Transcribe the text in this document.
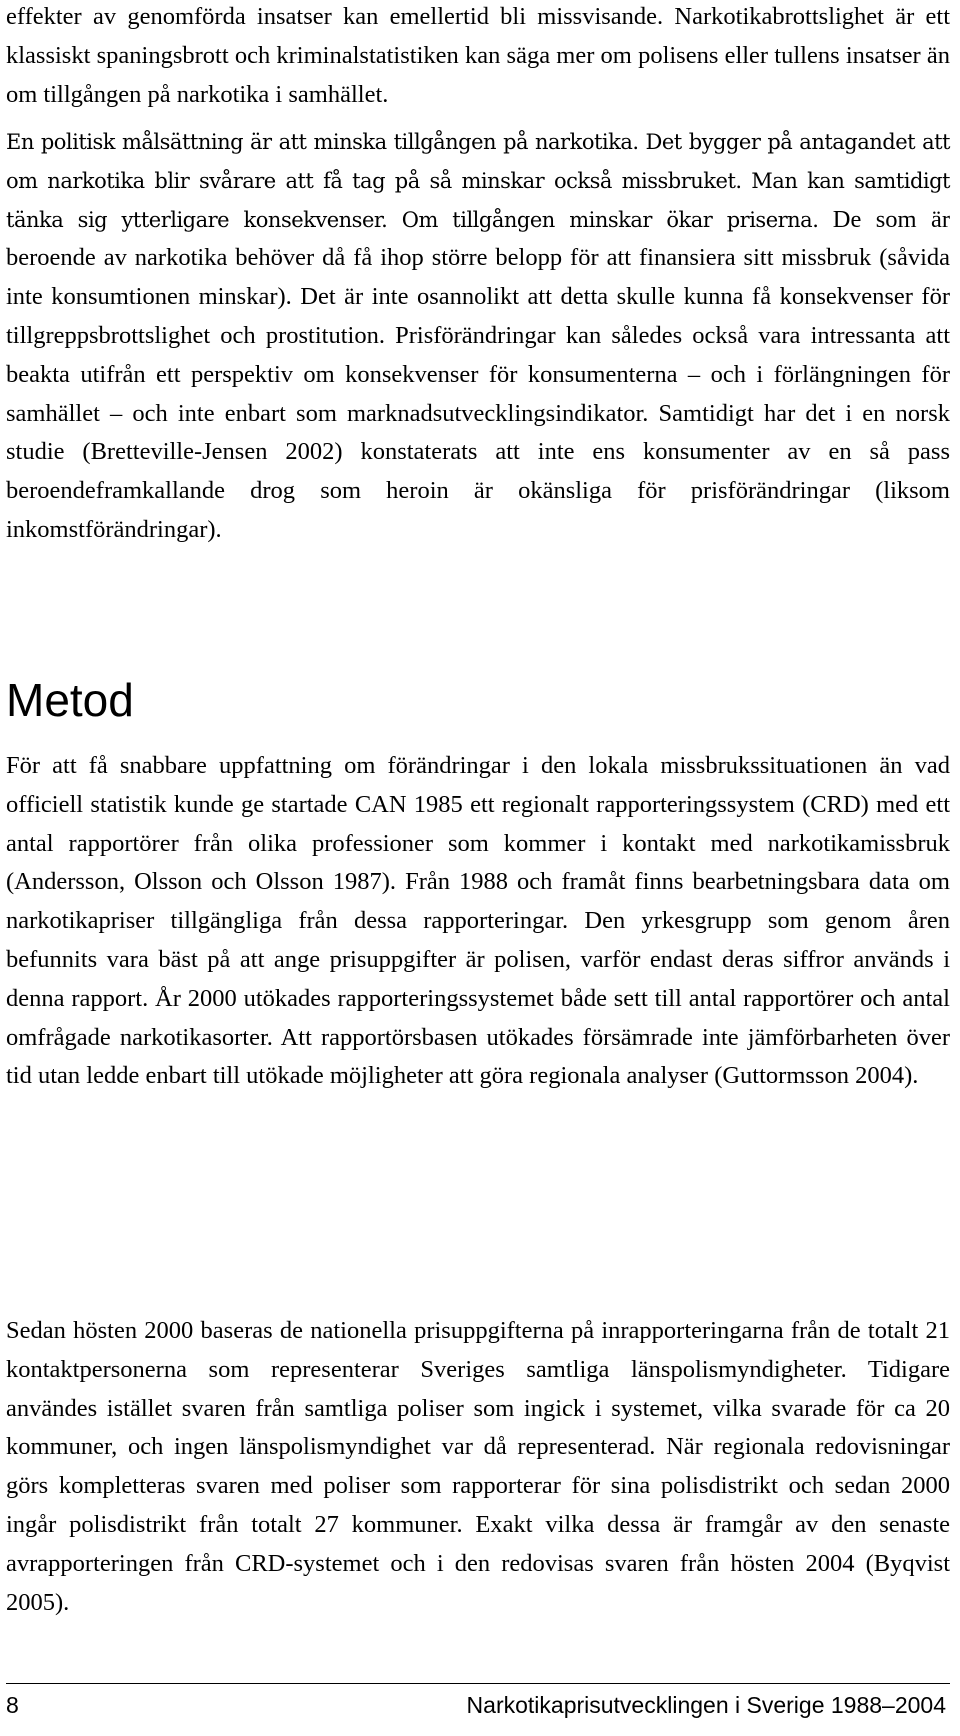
effekter av genomförda insatser kan emellertid bli missvisande. Narkotikabrottslighet är ett klassiskt spaningsbrott och kriminalstatistiken kan säga mer om polisens eller tullens insatser än om tillgången på narkotika i samhället.

En politisk målsättning är att minska tillgången på narkotika. Det bygger på antagandet att om narkotika blir svårare att få tag på så minskar också missbruket. Man kan samtidigt tänka sig ytterligare konsekvenser. Om tillgången minskar ökar priserna. De som är beroende av narkotika behöver då få ihop större belopp för att finansiera sitt missbruk (såvida inte konsumtionen minskar). Det är inte osannolikt att detta skulle kunna få konsekvenser för tillgreppsbrottslighet och prostitution. Prisförändringar kan således också vara intressanta att beakta utifrån ett perspektiv om konsekvenser för konsumenterna – och i förlängningen för samhället – och inte enbart som marknadsutvecklingsindikator. Samtidigt har det i en norsk studie (Bretteville-Jensen 2002) konstaterats att inte ens konsumenter av en så pass beroendeframkallande drog som heroin är okänsliga för prisförändringar (liksom inkomstförändringar).

Metod

För att få snabbare uppfattning om förändringar i den lokala missbrukssituationen än vad officiell statistik kunde ge startade CAN 1985 ett regionalt rapporteringssystem (CRD) med ett antal rapportörer från olika professioner som kommer i kontakt med narkotikamissbruk (Andersson, Olsson och Olsson 1987). Från 1988 och framåt finns bearbetningsbara data om narkotikapriser tillgängliga från dessa rapporteringar. Den yrkesgrupp som genom åren befunnits vara bäst på att ange prisuppgifter är polisen, varför endast deras siffror används i denna rapport. År 2000 utökades rapporteringssystemet både sett till antal rapportörer och antal omfrågade narkotikasorter. Att rapportörsbasen utökades försämrade inte jämförbarheten över tid utan ledde enbart till utökade möjligheter att göra regionala analyser (Guttormsson 2004).

Sedan hösten 2000 baseras de nationella prisuppgifterna på inrapporteringarna från de totalt 21 kontaktpersonerna som representerar Sveriges samtliga länspolismyndigheter. Tidigare användes istället svaren från samtliga poliser som ingick i systemet, vilka svarade för ca 20 kommuner, och ingen länspolismyndighet var då representerad. När regionala redovisningar görs kompletteras svaren med poliser som rapporterar för sina polisdistrikt och sedan 2000 ingår polisdistrikt från totalt 27 kommuner. Exakt vilka dessa är framgår av den senaste avrapporteringen från CRD-systemet och i den redovisas svaren från hösten 2004 (Byqvist 2005).

8	Narkotikaprisutvecklingen i Sverige 1988–2004
